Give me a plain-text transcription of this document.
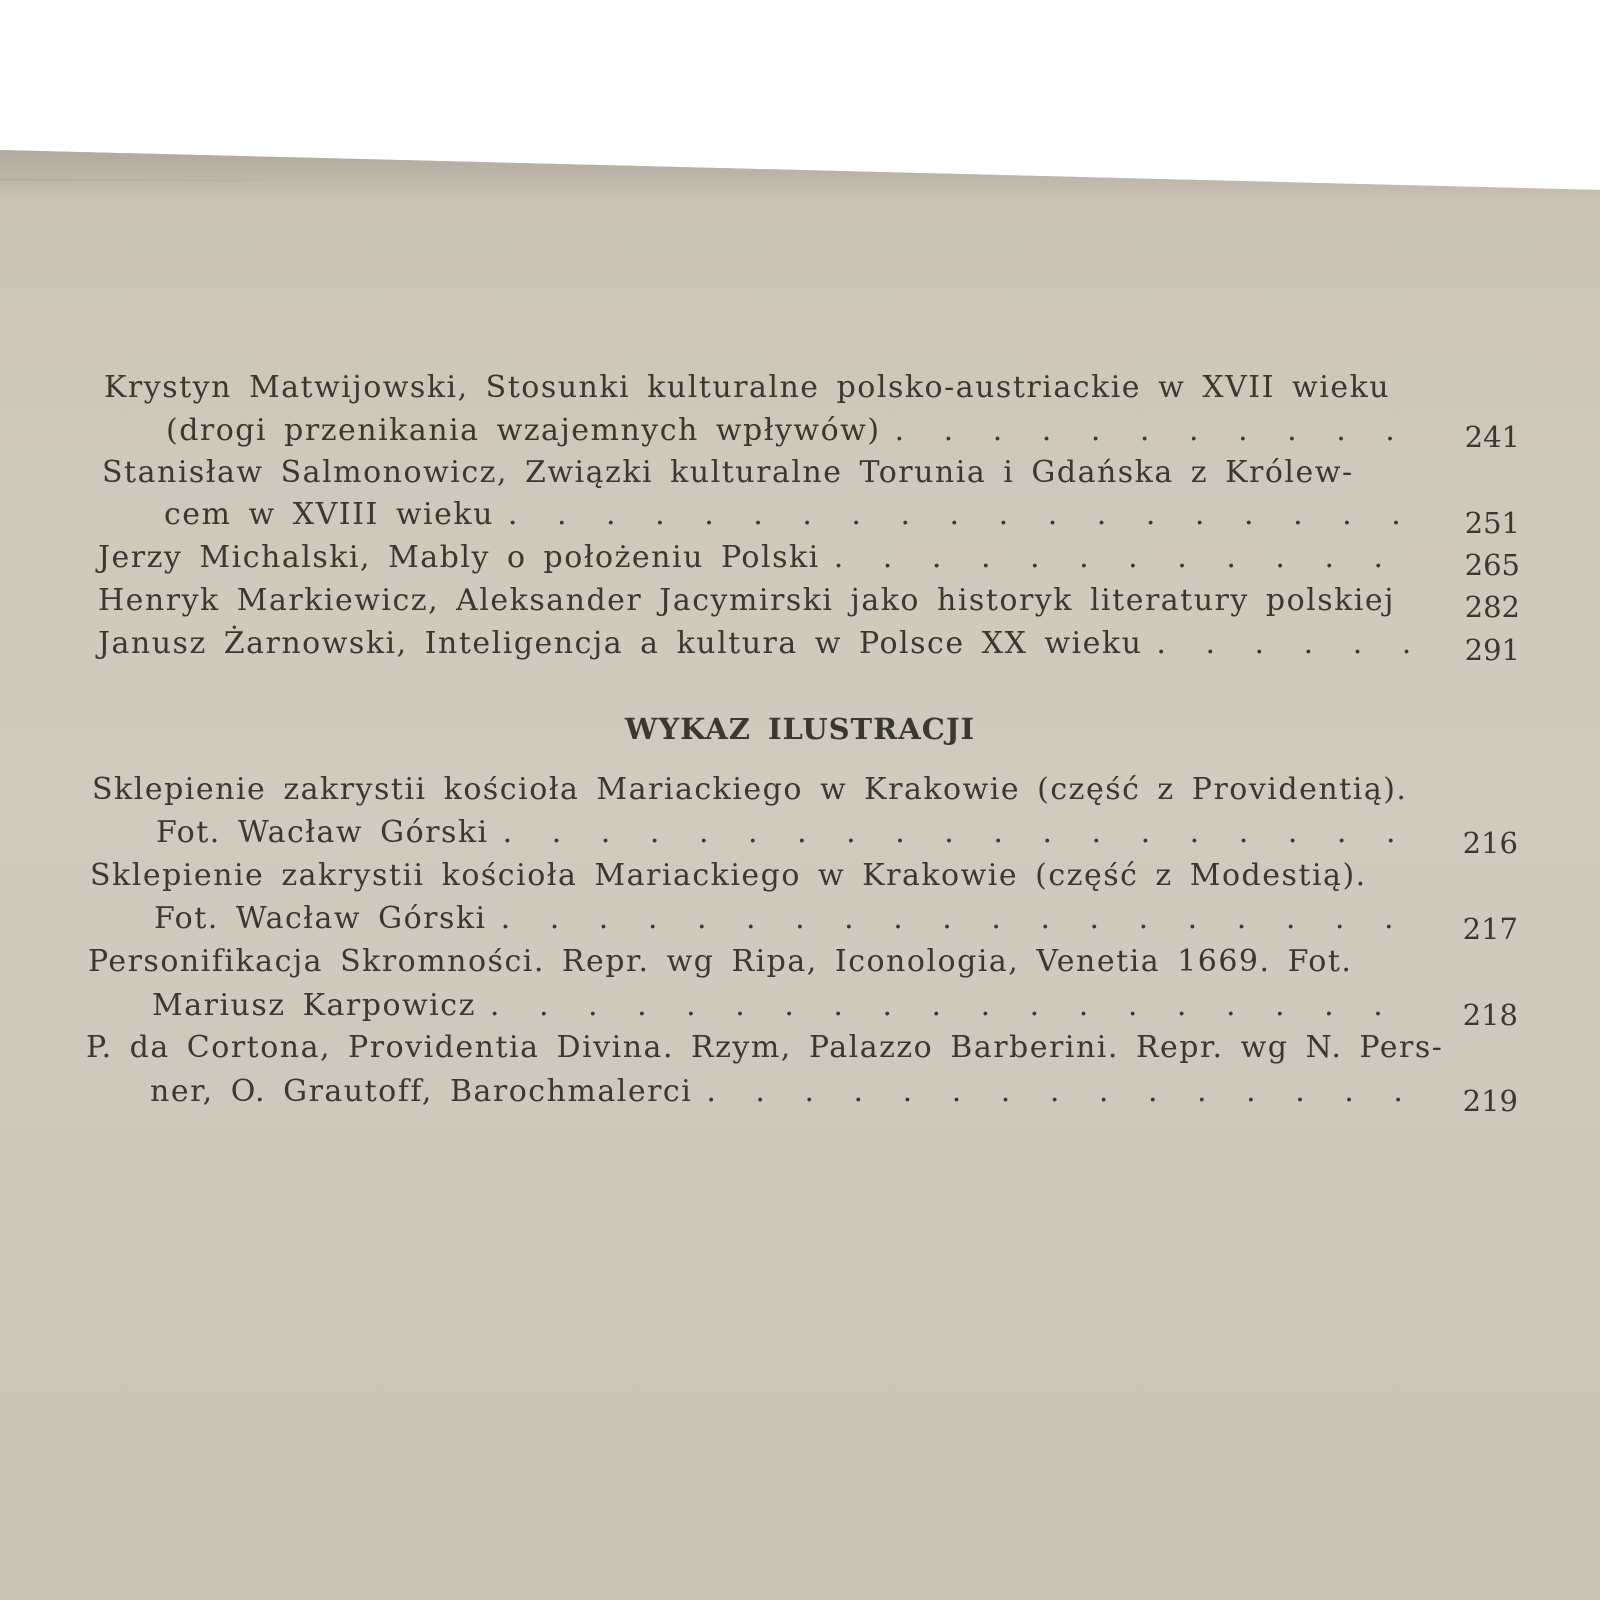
Krystyn Matwijowski, Stosunki kulturalne polsko-austriackie w XVII wieku
(drogi przenikania wzajemnych wpływów) . . .	241
Stanisław Salmonowicz, Związki kulturalne Torunia i Gdańska z Królew-
cem w XVIII wieku . . .	251
Jerzy Michalski, Mably o położeniu Polski . . .	265
Henryk Markiewicz, Aleksander Jacymirski jako historyk literatury polskiej	282
Janusz Żarnowski, Inteligencja a kultura w Polsce XX wieku . . .	291
WYKAZ ILUSTRACJI
Sklepienie zakrystii kościoła Mariackiego w Krakowie (część z Providentią).
Fot. Wacław Górski . . .	216
Sklepienie zakrystii kościoła Mariackiego w Krakowie (część z Modestią).
Fot. Wacław Górski . . .	217
Personifikacja Skromności. Repr. wg Ripa, Iconologia, Venetia 1669. Fot.
Mariusz Karpowicz . . .	218
P. da Cortona, Providentia Divina. Rzym, Palazzo Barberini. Repr. wg N. Pers-
ner, O. Grautoff, Barochmalerci . . .	219
